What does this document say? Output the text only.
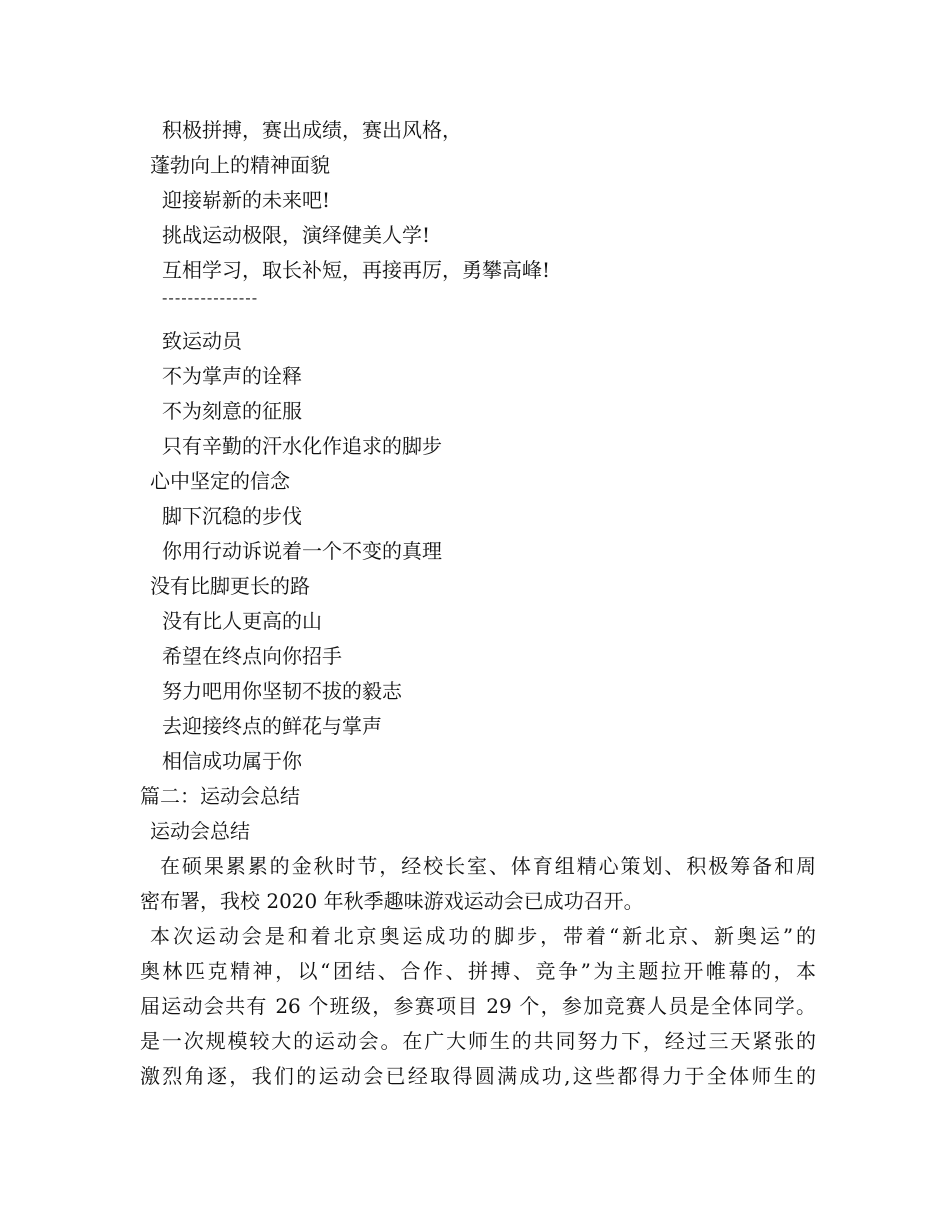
积极拼搏，赛出成绩，赛出风格，
蓬勃向上的精神面貌
迎接崭新的未来吧!
挑战运动极限，演绎健美人学!
互相学习，取长补短，再接再厉，勇攀高峰!
---------------
致运动员
不为掌声的诠释
不为刻意的征服
只有辛勤的汗水化作追求的脚步
心中坚定的信念
脚下沉稳的步伐
你用行动诉说着一个不变的真理
没有比脚更长的路
没有比人更高的山
希望在终点向你招手
努力吧用你坚韧不拔的毅志
去迎接终点的鲜花与掌声
相信成功属于你
篇二：运动会总结
运动会总结
在硕果累累的金秋时节，经校长室、体育组精心策划、积极筹备和周
密布署，我校 2020 年秋季趣味游戏运动会已成功召开。
本次运动会是和着北京奥运成功的脚步，带着“新北京、新奥运”的
奥林匹克精神，以“团结、合作、拼搏、竞争”为主题拉开帷幕的，本
届运动会共有 26 个班级，参赛项目 29 个，参加竞赛人员是全体同学。
是一次规模较大的运动会。在广大师生的共同努力下，经过三天紧张的
激烈角逐，我们的运动会已经取得圆满成功,这些都得力于全体师生的
